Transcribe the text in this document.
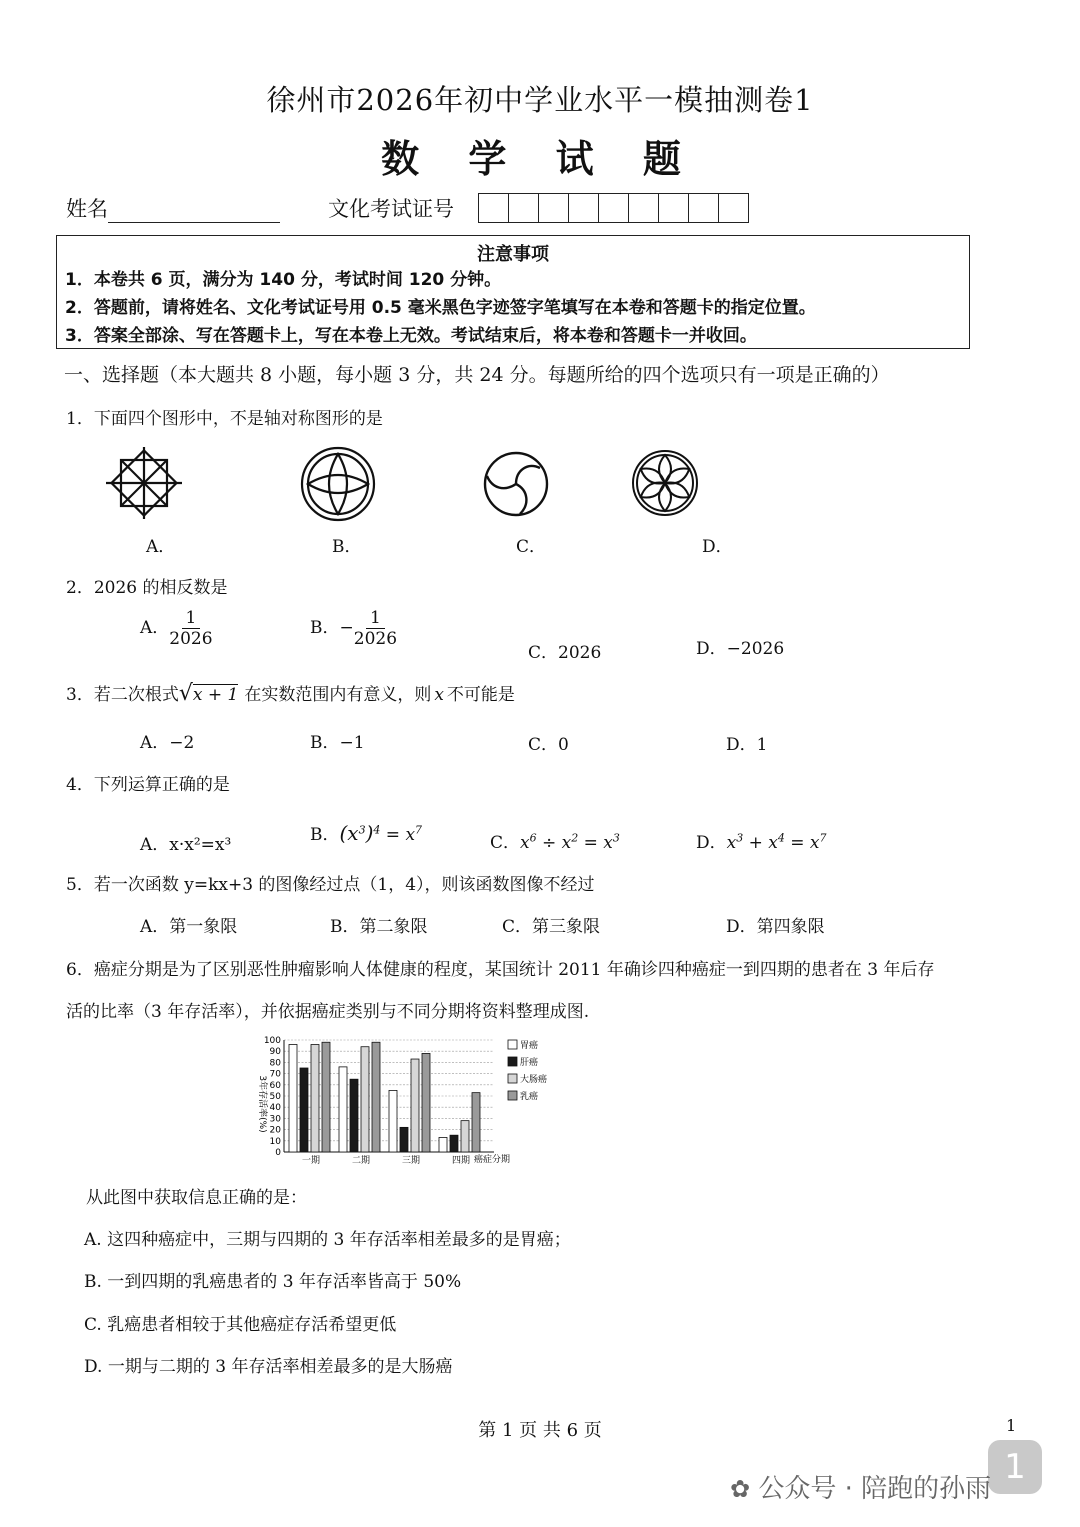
徐州市2026年初中学业水平一模抽测卷1
数 学 试 题
姓名	文化考试证号
注意事项
1．本卷共 6 页，满分为 140 分，考试时间 120 分钟。
2．答题前，请将姓名、文化考试证号用 0.5 毫米黑色字迹签字笔填写在本卷和答题卡的指定位置。
3．答案全部涂、写在答题卡上，写在本卷上无效。考试结束后，将本卷和答题卡一并收回。
一、选择题（本大题共 8 小题，每小题 3 分，共 24 分。每题所给的四个选项只有一项是正确的）
1．下面四个图形中，不是轴对称图形的是
A．	B．	C．	D．
2．2026 的相反数是
A． $\frac{1}{2026}$	B．− $\frac{1}{2026}$
C．2026	D．−2026
3．若二次根式√x + 1 在实数范围内有意义，则 x 不可能是
A．−2	B．−1	C．0	D．1
4．下列运算正确的是
A．x·x²=x³	B．$(x^3)^4 = x^7$
C．$x^6 \div x^2 = x^3$	D．$x^3 + x^4 = x^7$
5．若一次函数 y=kx+3 的图像经过点（1，4），则该函数图像不经过
A．第一象限	B．第二象限	C．第三象限	D．第四象限
6．癌症分期是为了区别恶性肿瘤影响人体健康的程度，某国统计 2011 年确诊四种癌症一到四期的患者在 3 年后存
活的比率（3 年存活率），并依据癌症类别与不同分期将资料整理成图.
0
10
20
30
40
50
60
70
80
90
100
一期	二期	三期	四期
胃癌
肝癌
大肠癌
乳癌
3年存活率(%)
癌症分期
从此图中获取信息正确的是：
A. 这四种癌症中，三期与四期的 3 年存活率相差最多的是胃癌；
B. 一到四期的乳癌患者的 3 年存活率皆高于 50%
C. 乳癌患者相较于其他癌症存活希望更低
D. 一期与二期的 3 年存活率相差最多的是大肠癌
第 1 页 共 6 页	1
1
✿ 公众号 · 陪跑的孙雨
